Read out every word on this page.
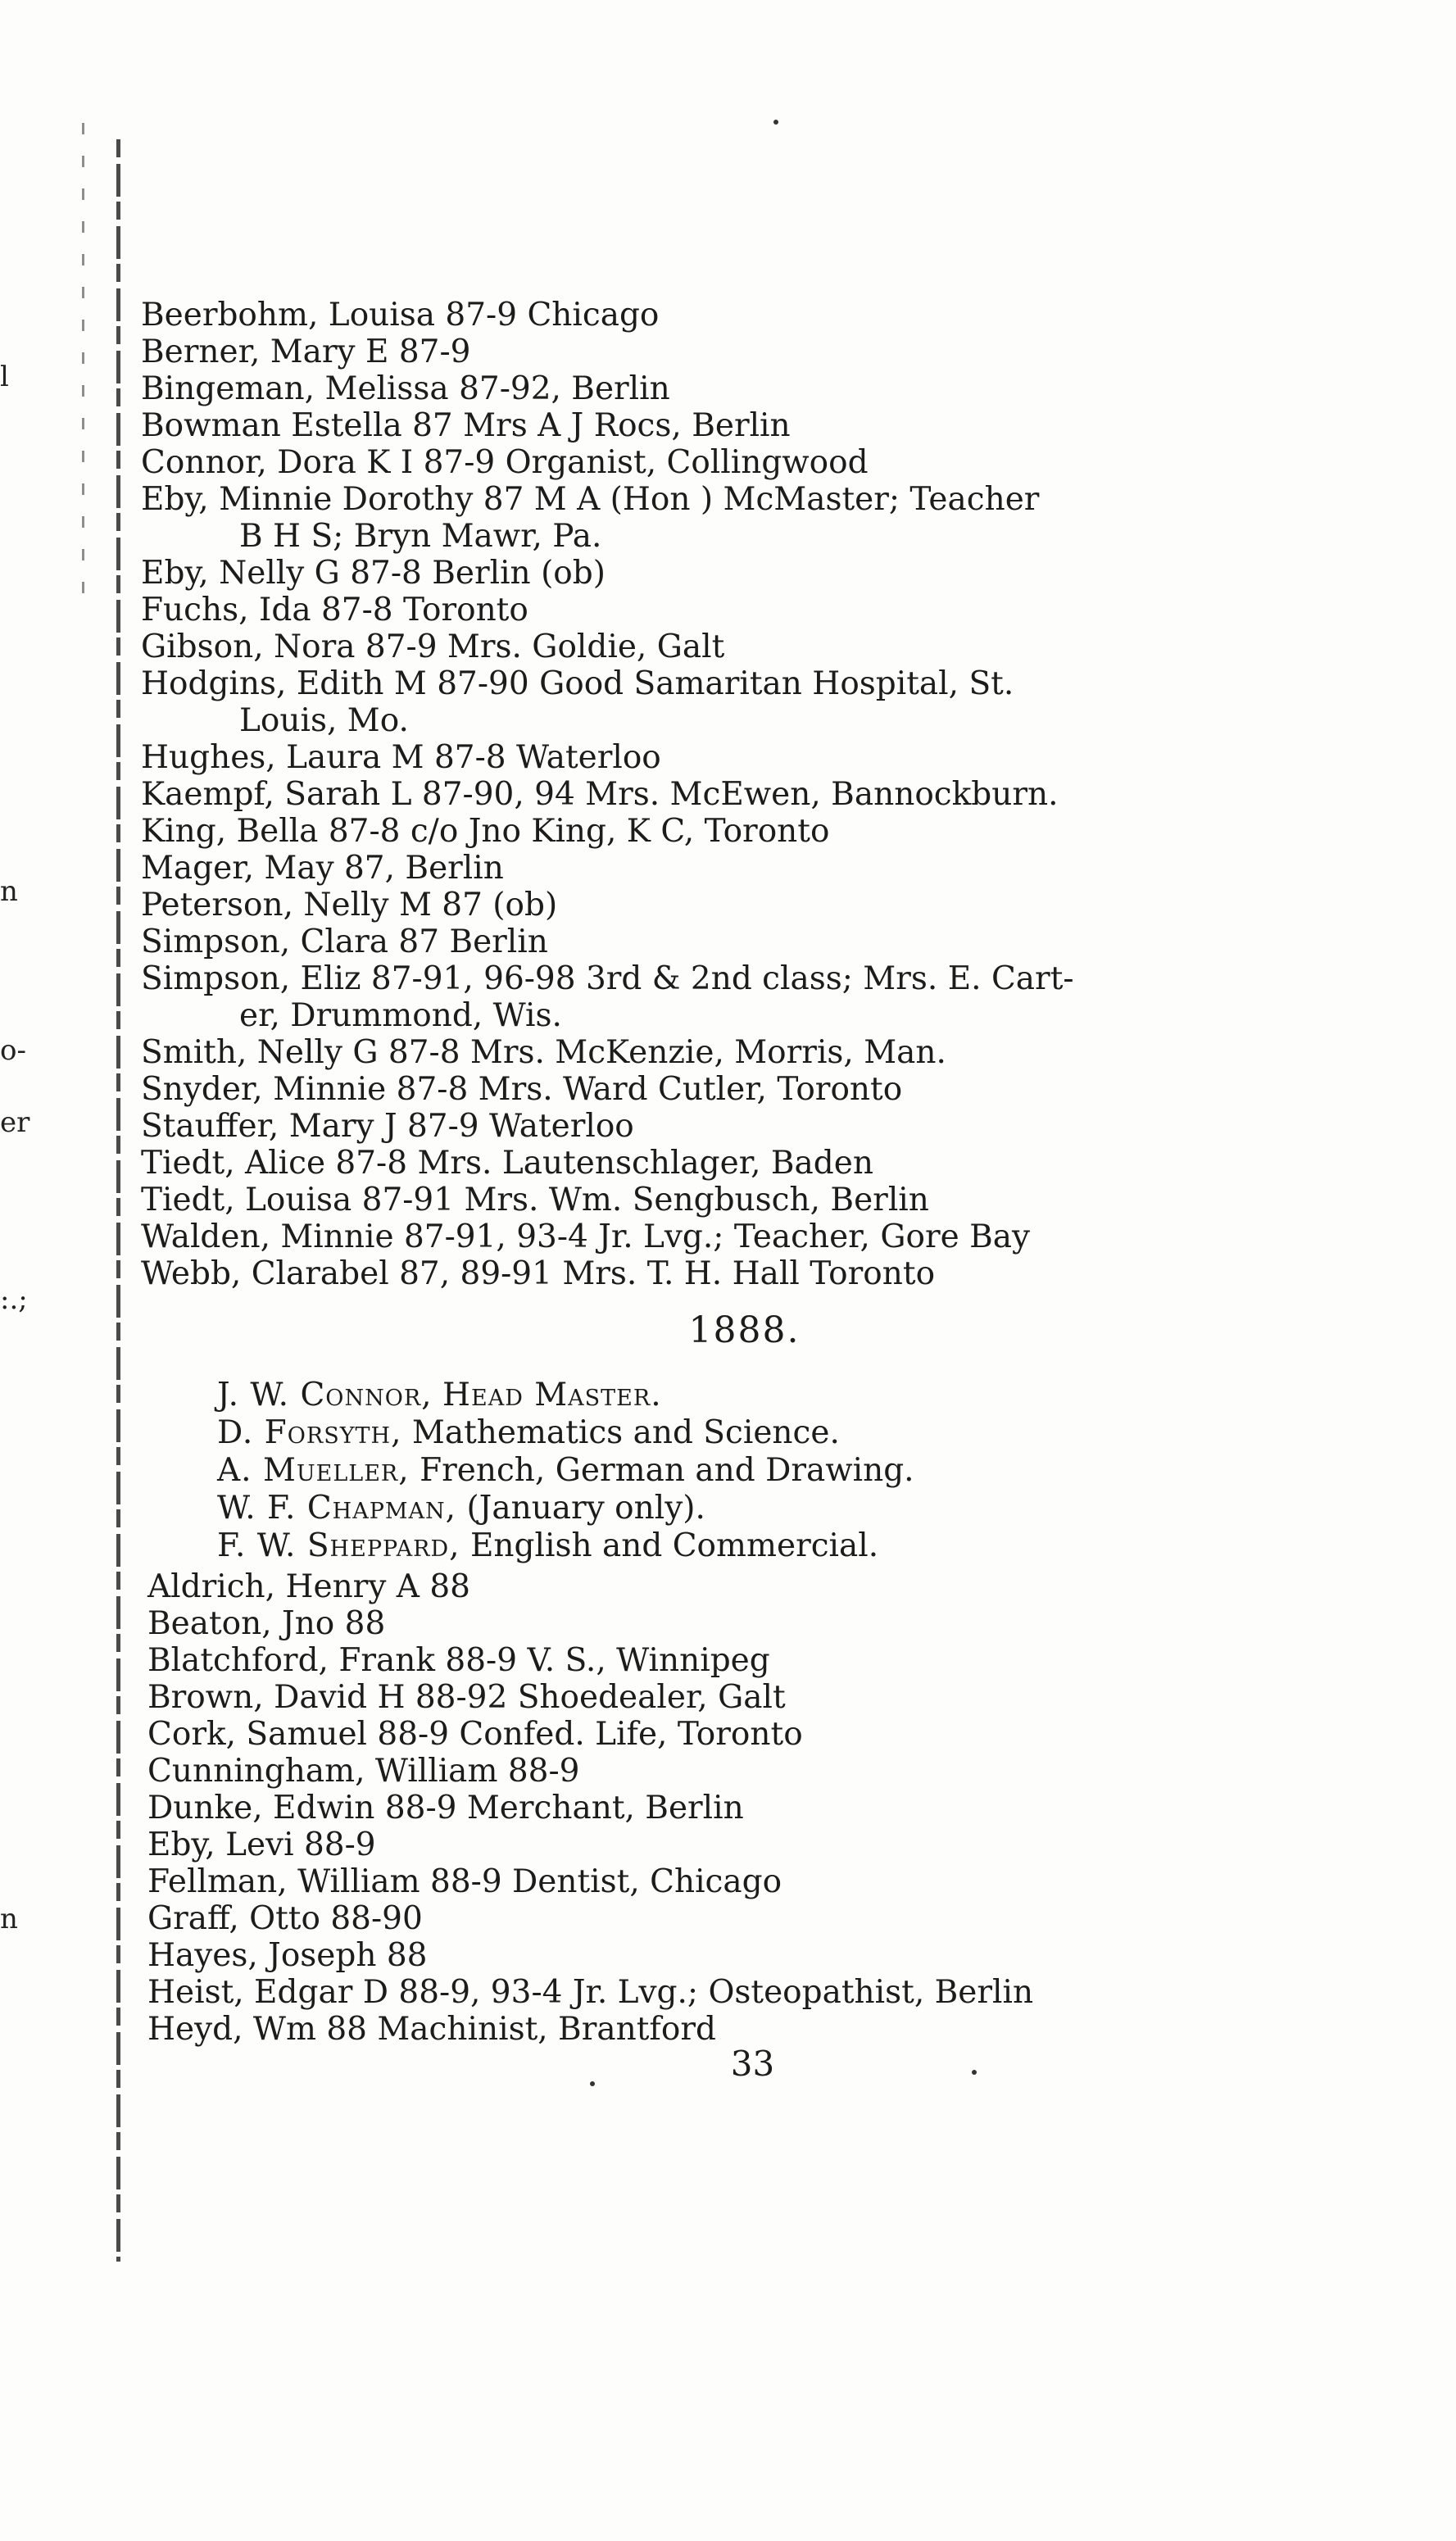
l
n
o-
er
:.;
n
Beerbohm, Louisa 87-9 Chicago
Berner, Mary E 87-9
Bingeman, Melissa 87-92, Berlin
Bowman Estella 87 Mrs A J Rocs, Berlin
Connor, Dora K I 87-9 Organist, Collingwood
Eby, Minnie Dorothy 87 M A (Hon ) McMaster; Teacher
B H S; Bryn Mawr, Pa.
Eby, Nelly G 87-8 Berlin (ob)
Fuchs, Ida 87-8 Toronto
Gibson, Nora 87-9 Mrs. Goldie, Galt
Hodgins, Edith M 87-90 Good Samaritan Hospital, St.
Louis, Mo.
Hughes, Laura M 87-8 Waterloo
Kaempf, Sarah L 87-90, 94 Mrs. McEwen, Bannockburn.
King, Bella 87-8 c/o Jno King, K C, Toronto
Mager, May 87, Berlin
Peterson, Nelly M 87 (ob)
Simpson, Clara 87 Berlin
Simpson, Eliz 87-91, 96-98 3rd & 2nd class; Mrs. E. Cart-
er, Drummond, Wis.
Smith, Nelly G 87-8 Mrs. McKenzie, Morris, Man.
Snyder, Minnie 87-8 Mrs. Ward Cutler, Toronto
Stauffer, Mary J 87-9 Waterloo
Tiedt, Alice 87-8 Mrs. Lautenschlager, Baden
Tiedt, Louisa 87-91 Mrs. Wm. Sengbusch, Berlin
Walden, Minnie 87-91, 93-4 Jr. Lvg.; Teacher, Gore Bay
Webb, Clarabel 87, 89-91 Mrs. T. H. Hall Toronto
1888.
J. W. Connor, Head Master.
D. Forsyth, Mathematics and Science.
A. Mueller, French, German and Drawing.
W. F. Chapman, (January only).
F. W. Sheppard, English and Commercial.
Aldrich, Henry A 88
Beaton, Jno 88
Blatchford, Frank 88-9 V. S., Winnipeg
Brown, David H 88-92 Shoedealer, Galt
Cork, Samuel 88-9 Confed. Life, Toronto
Cunningham, William 88-9
Dunke, Edwin 88-9 Merchant, Berlin
Eby, Levi 88-9
Fellman, William 88-9 Dentist, Chicago
Graff, Otto 88-90
Hayes, Joseph 88
Heist, Edgar D 88-9, 93-4 Jr. Lvg.; Osteopathist, Berlin
Heyd, Wm 88 Machinist, Brantford
33
